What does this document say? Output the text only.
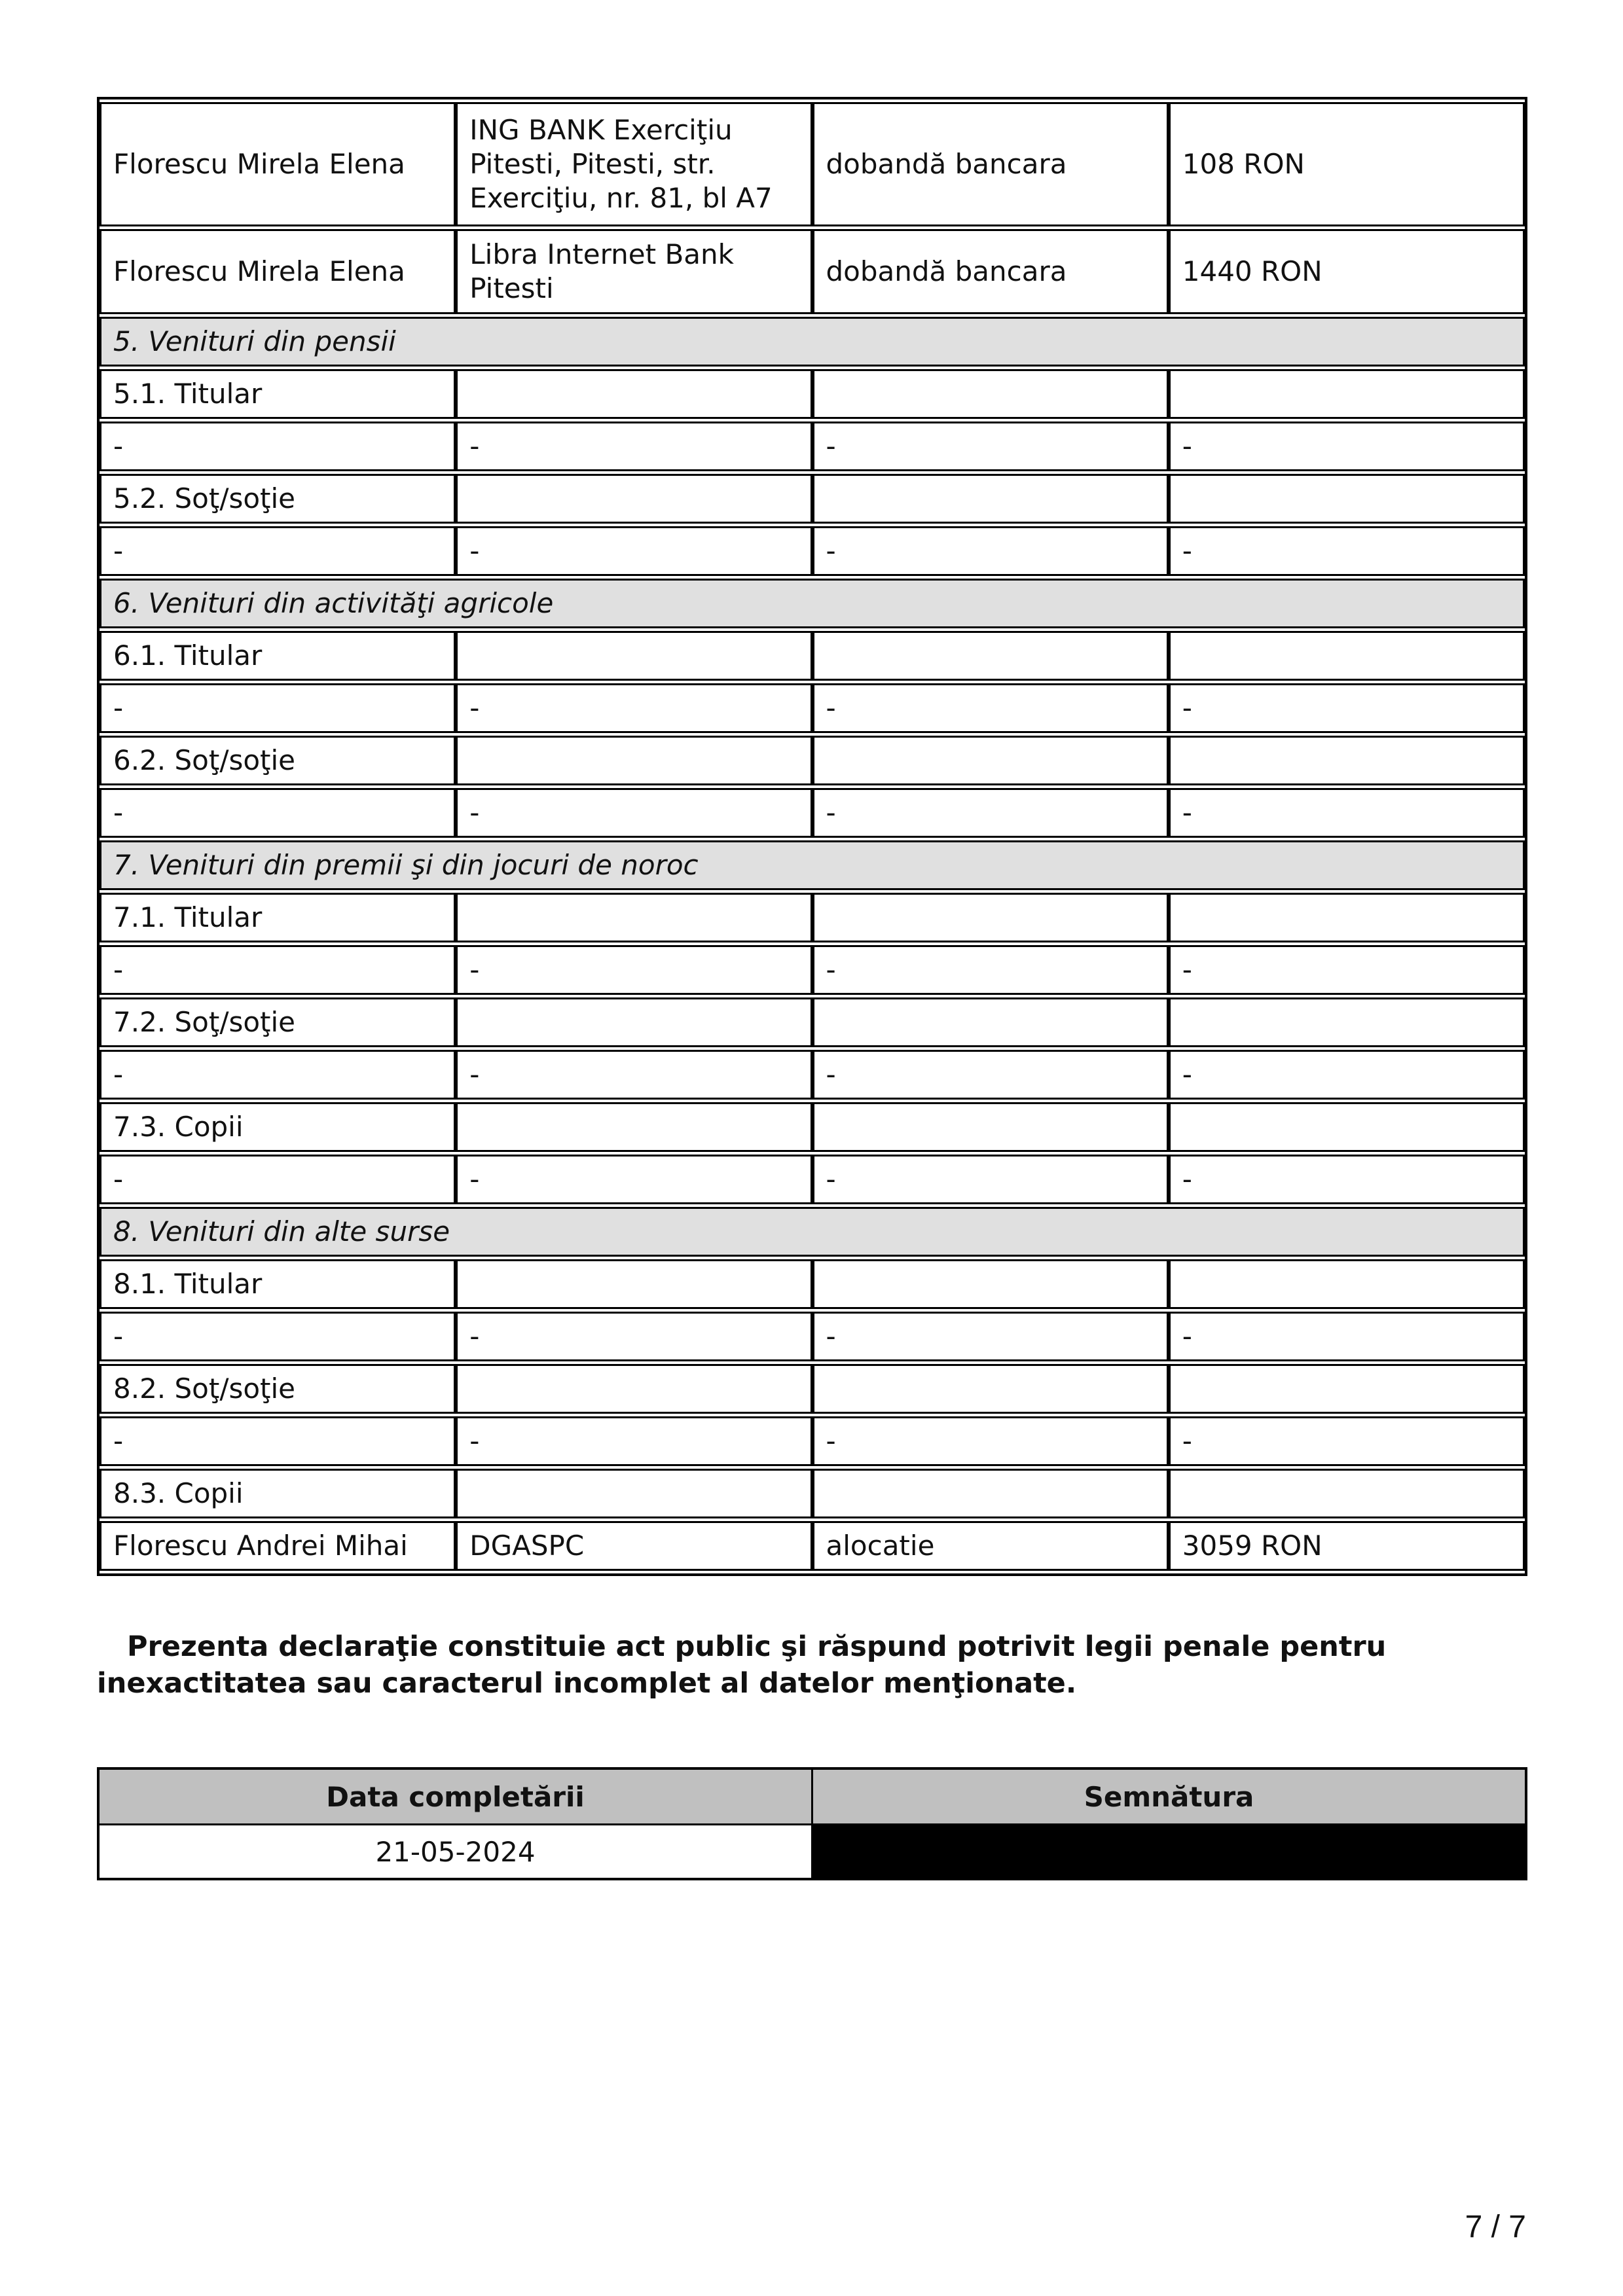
Florescu Mirela Elena	ING BANK Exerciţiu Pitesti, Pitesti, str. Exerciţiu, nr. 81, bl A7	dobandă bancara	108 RON
Florescu Mirela Elena	Libra Internet Bank Pitesti	dobandă bancara	1440 RON
5. Venituri din pensii			
5.1. Titular			
-	-	-	-
5.2. Soţ/soţie			
-	-	-	-
6. Venituri din activităţi agricole			
6.1. Titular			
-	-	-	-
6.2. Soţ/soţie			
-	-	-	-
7. Venituri din premii şi din jocuri de noroc			
7.1. Titular			
-	-	-	-
7.2. Soţ/soţie			
-	-	-	-
7.3. Copii			
-	-	-	-
8. Venituri din alte surse			
8.1. Titular			
-	-	-	-
8.2. Soţ/soţie			
-	-	-	-
8.3. Copii			
Florescu Andrei Mihai	DGASPC	alocatie	3059 RON

Prezenta declaraţie constituie act public şi răspund potrivit legii penale pentru inexactitatea sau caracterul incomplet al datelor menţionate.

Data completării	Semnătura
21-05-2024	
7 / 7
